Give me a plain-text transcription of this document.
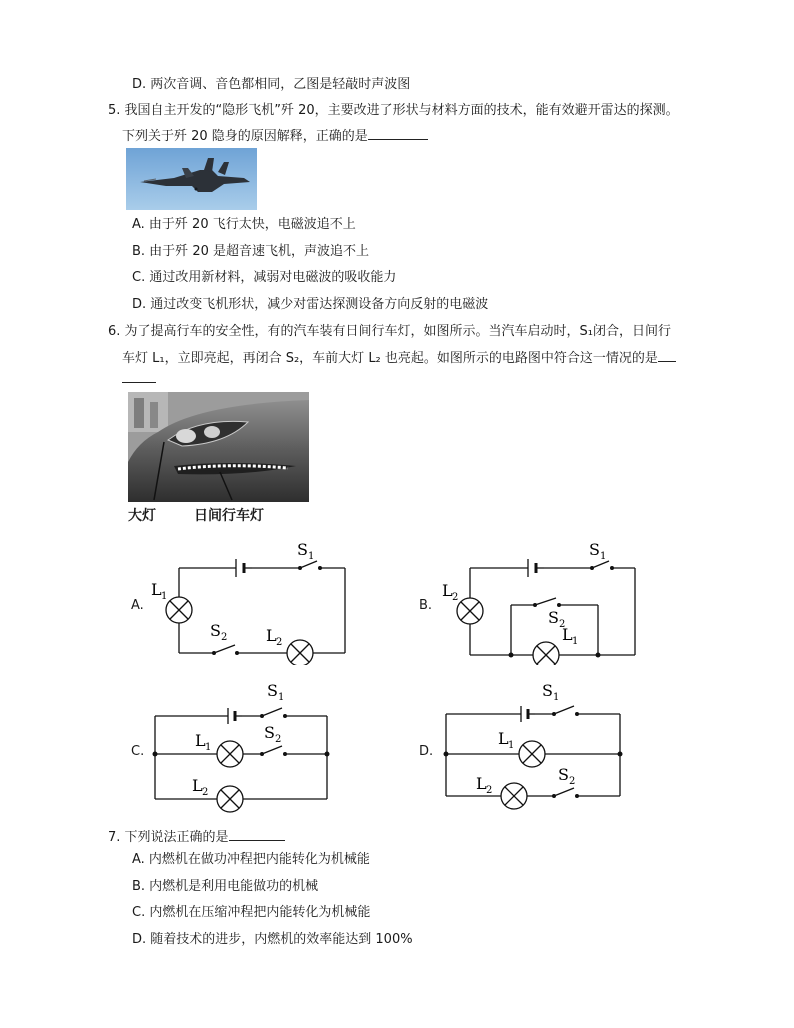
D. 两次音调、音色都相同，乙图是轻敲时声波图
5. 我国自主开发的“隐形飞机”歼 20，主要改进了形状与材料方面的技术，能有效避开雷达的探测。
下列关于歼 20 隐身的原因解释，正确的是
A. 由于歼 20 飞行太快，电磁波追不上
B. 由于歼 20 是超音速飞机，声波追不上
C. 通过改用新材料，减弱对电磁波的吸收能力
D. 通过改变飞机形状，减少对雷达探测设备方向反射的电磁波
6. 为了提高行车的安全性，有的汽车装有日间行车灯，如图所示。当汽车启动时，S₁闭合，日间行
车灯 L₁，立即亮起，再闭合 S₂，车前大灯 L₂ 也亮起。如图所示的电路图中符合这一情况的是
大灯	日间行车灯
A.
S 1
L 1
S 2 L 2
B.
S 1
L 2
S 2
L 1
C.
S 1
L 1
S 2
L 2
D.
S 1
L 1
L 2
S 2
7. 下列说法正确的是
A. 内燃机在做功冲程把内能转化为机械能
B. 内燃机是利用电能做功的机械
C. 内燃机在压缩冲程把内能转化为机械能
D. 随着技术的进步，内燃机的效率能达到 100%
